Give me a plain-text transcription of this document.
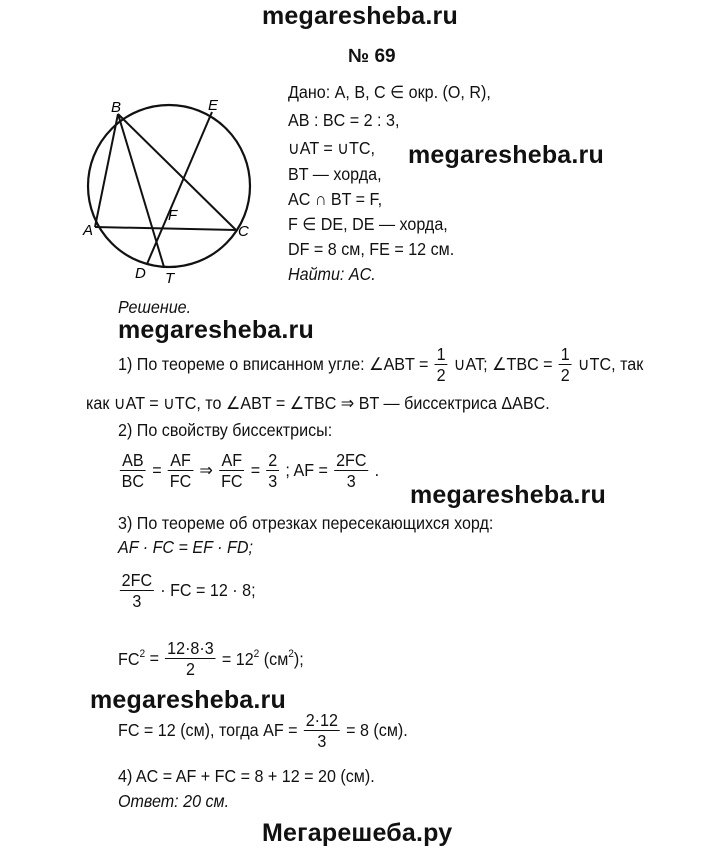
megaresheba.ru
№ 69
B	E
A
F
C
D T
Дано: A, B, C ∈ окр. (O, R),
AB : BC = 2 : 3,
∪AT = ∪TC,
BT — хорда,
AC ∩ BT = F,
F ∈ DE, DE — хорда,
DF = 8 см, FE = 12 см.
Найти: AC.
megaresheba.ru
Решение.
megaresheba.ru
1) По теореме о вписанном угле: ∠ABT = $\frac{1}{2}$ ∪AT; ∠TBC = $\frac{1}{2}$ ∪TC, так
как ∪AT = ∪TC, то ∠ABT = ∠TBC ⇒ BT — биссектриса ΔABC.
2) По свойству биссектрисы:
$\frac{AB}{BC} = \frac{AF}{FC}$ ⇒ $\frac{AF}{FC} = \frac{2}{3}$ ; AF = $\frac{2FC}{3}$ .
megaresheba.ru
3) По теореме об отрезках пересекающихся хорд:
AF · FC = EF · FD;
$\frac{2FC}{3}$ · FC = 12 · 8;
$FC^2 = \frac{12\cdot 8\cdot 3}{2} = 12^2$ $(см^2)$;
megaresheba.ru
FC = 12 (см), тогда AF = $\frac{2\cdot 12}{3} = 8$ (см).
4) AC = AF + FC = 8 + 12 = 20 (см).
Ответ: 20 см.
Мегарешеба.ру
